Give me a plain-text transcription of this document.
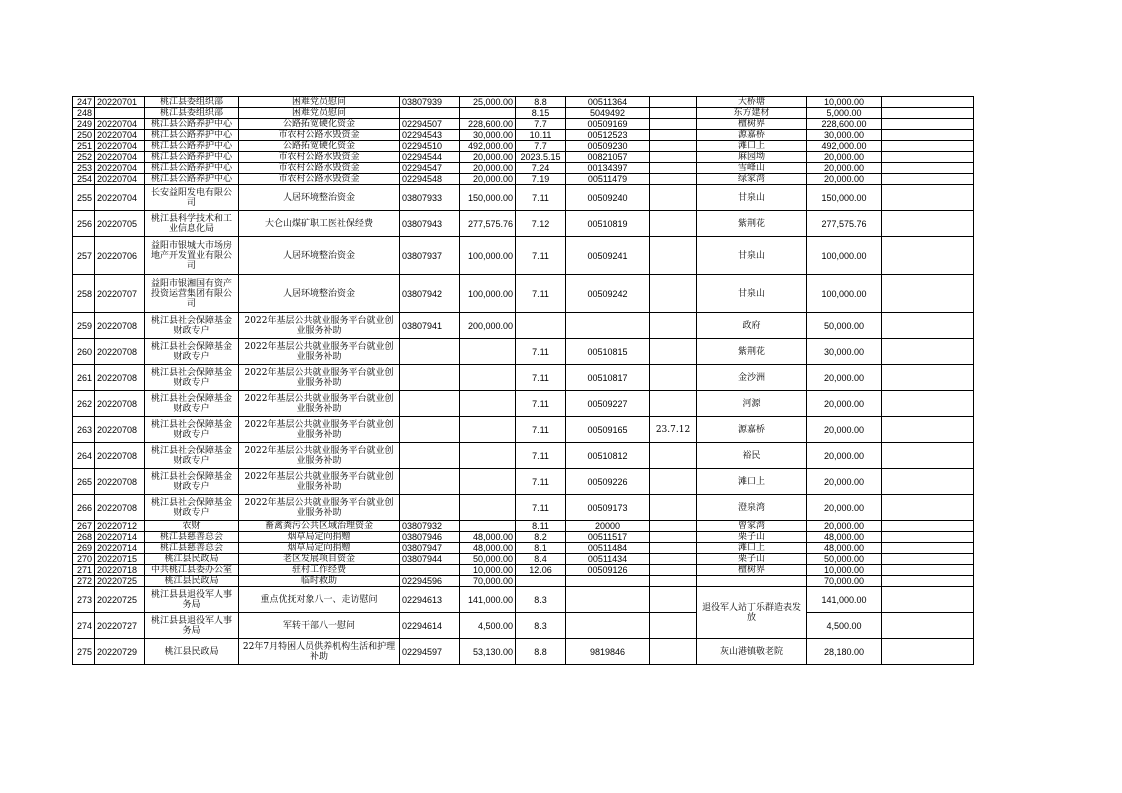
247	20220701	桃江县委组织部	困难党员慰问	03807939	25,000.00	8.8	00511364		大桥塘	10,000.00	
248		桃江县委组织部	困难党员慰问			8.15	5049492		东方建材	5,000.00	
249	20220704	桃江县公路养护中心	公路拓宽硬化资金	02294507	228,600.00	7.7	00509169		檀树界	228,600.00	
250	20220704	桃江县公路养护中心	市农村公路水毁资金	02294543	30,000.00	10.11	00512523		源嘉桥	30,000.00	
251	20220704	桃江县公路养护中心	公路拓宽硬化资金	02294510	492,000.00	7.7	00509230		滩口上	492,000.00	
252	20220704	桃江县公路养护中心	市农村公路水毁资金	02294544	20,000.00	2023.5.15	00821057		麻园坳	20,000.00	
253	20220704	桃江县公路养护中心	市农村公路水毁资金	02294547	20,000.00	7.24	00134397		雪峰山	20,000.00	
254	20220704	桃江县公路养护中心	市农村公路水毁资金	02294548	20,000.00	7.19	00511479		绿家湾	20,000.00	
255	20220704	长安益阳发电有限公司	人居环境整治资金	03807933	150,000.00	7.11	00509240		甘泉山	150,000.00	
256	20220705	桃江县科学技术和工业信息化局	大仑山煤矿职工医社保经费	03807943	277,575.76	7.12	00510819		紫荆花	277,575.76	
257	20220706	益阳市银城大市场房地产开发置业有限公司	人居环境整治资金	03807937	100,000.00	7.11	00509241		甘泉山	100,000.00	
258	20220707	益阳市银湘国有资产投资运营集团有限公司	人居环境整治资金	03807942	100,000.00	7.11	00509242		甘泉山	100,000.00	
259	20220708	桃江县社会保障基金财政专户	2022年基层公共就业服务平台就业创业服务补助	03807941	200,000.00				政府	50,000.00	
260	20220708	桃江县社会保障基金财政专户	2022年基层公共就业服务平台就业创业服务补助			7.11	00510815		紫荆花	30,000.00	
261	20220708	桃江县社会保障基金财政专户	2022年基层公共就业服务平台就业创业服务补助			7.11	00510817		金沙洲	20,000.00	
262	20220708	桃江县社会保障基金财政专户	2022年基层公共就业服务平台就业创业服务补助			7.11	00509227		河源	20,000.00	
263	20220708	桃江县社会保障基金财政专户	2022年基层公共就业服务平台就业创业服务补助			7.11	00509165	23.7.12	源嘉桥	20,000.00	
264	20220708	桃江县社会保障基金财政专户	2022年基层公共就业服务平台就业创业服务补助			7.11	00510812		裕民	20,000.00	
265	20220708	桃江县社会保障基金财政专户	2022年基层公共就业服务平台就业创业服务补助			7.11	00509226		滩口上	20,000.00	
266	20220708	桃江县社会保障基金财政专户	2022年基层公共就业服务平台就业创业服务补助			7.11	00509173		澄泉湾	20,000.00	
267	20220712	农财	畜禽粪污公共区域治理资金	03807932		8.11	20000		曾家湾	20,000.00	
268	20220714	桃江县慈善总会	烟草局定向捐赠	03807946	48,000.00	8.2	00511517		栗子山	48,000.00	
269	20220714	桃江县慈善总会	烟草局定向捐赠	03807947	48,000.00	8.1	00511484		滩口上	48,000.00	
270	20220715	桃江县民政局	老区发展项目资金	03807944	50,000.00	8.4	00511434		栗子山	50,000.00	
271	20220718	中共桃江县委办公室	驻村工作经费		10,000.00	12.06	00509126		檀树界	10,000.00	
272	20220725	桃江县民政局	临时救助	02294596	70,000.00					70,000.00	
273	20220725	桃江县县退役军人事务局	重点优抚对象八一、走访慰问	02294613	141,000.00	8.3			退役军人站丁乐群造表发放	141,000.00	
274	20220727	桃江县县退役军人事务局	军转干部八一慰问	02294614	4,500.00	8.3				4,500.00	
275	20220729	桃江县民政局	22年7月特困人员供养机构生活和护理补助	02294597	53,130.00	8.8	9819846		灰山港镇敬老院	28,180.00	
